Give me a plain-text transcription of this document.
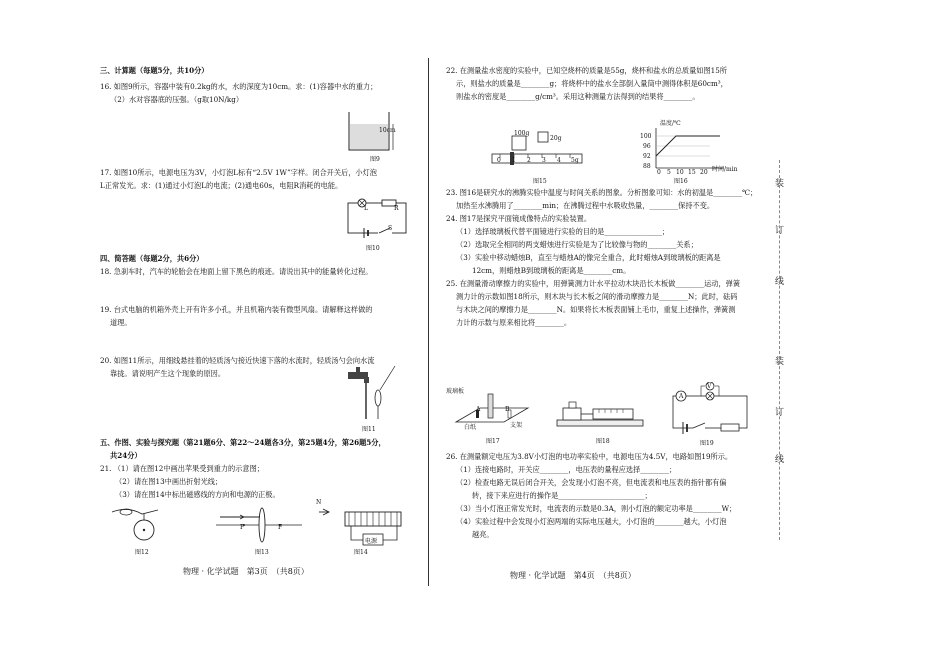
三、计算题（每题5分，共10分）

16. 如图9所示，容器中装有0.2kg的水，水的深度为10cm。求：(1)容器中水的重力；

（2）水对容器底的压强。（g取10N/kg）

10cm
图9

17. 如图10所示，电源电压为3V，小灯泡L标有“2.5V 1W”字样。闭合开关后，小灯泡

L正常发光。求：(1)通过小灯泡L的电流；(2)通电60s，电阻R消耗的电能。

L	R
S
图10

四、简答题（每题2分，共6分）

18. 急刹车时，汽车的轮胎会在地面上留下黑色的痕迹。请说出其中的能量转化过程。

19. 台式电脑的机箱外壳上开有许多小孔，并且机箱内装有微型风扇。请解释这样做的

道理。

20. 如图11所示，用细线悬挂着的轻质汤勺接近快速下落的水流时，轻质汤勺会向水流

靠拢。请说明产生这个现象的原因。

图11

五、作图、实验与探究题（第21题6分、第22～24题各3分，第25题4分，第26题5分，

共24分）

21. （1）请在图12中画出苹果受到重力的示意图；

（2）请在图13中画出折射光线；

（3）请在图14中标出磁感线的方向和电源的正极。

图12
F	F
图13
N
电源
图14
物理 · 化学试题　第3页　（共8页）

22. 在测量盐水密度的实验中，已知空烧杯的质量是55g，烧杯和盐水的总质量如图15所

示，则盐水的质量是________g；将烧杯中的盐水全部倒入量筒中测得体积是60cm³，

则盐水的密度是________g/cm³。采用这种测量方法得到的结果将________。

100g
20g
0 1 2 3 4 5g
图15
温度/℃
100
96
92
88
0 5 10 15 20 时间/min
图16

23. 图16是研究水的沸腾实验中温度与时间关系的图象。分析图象可知：水的初温是________℃；

加热至水沸腾用了________min；在沸腾过程中水吸收热量，________保持不变。

24. 图17是探究平面镜成像特点的实验装置。

（1）选择玻璃板代替平面镜进行实验的目的是________________；

（2）选取完全相同的两支蜡烛进行实验是为了比较像与物的________关系；

（3）实验中移动蜡烛B，直至与蜡烛A的像完全重合，此时蜡烛A到玻璃板的距离是

12cm，则蜡烛B到玻璃板的距离是________cm。

25. 在测量滑动摩擦力的实验中，用弹簧测力计水平拉动木块沿长木板做________运动，弹簧

测力计的示数如图18所示，则木块与长木板之间的滑动摩擦力是________N；此时，砝码

与木块之间的摩擦力是________N。如果将长木板表面铺上毛巾，重复上述操作，弹簧测

力计的示数与原来相比将________。

玻璃板
A	B
白纸	支架
图17	图18
V
A
图19

26. 在测量额定电压为3.8V小灯泡的电功率实验中，电源电压为4.5V，电路如图19所示。

（1）连接电路时，开关应________，电压表的量程应选择________；

（2）检查电路无误后闭合开关，会发现小灯泡不亮，但电流表和电压表的指针都有偏

转，接下来应进行的操作是________________________；

（3）当小灯泡正常发光时，电流表的示数是0.3A，则小灯泡的额定功率是________W；

（4）实验过程中会发现小灯泡两端的实际电压越大，小灯泡的________越大，小灯泡

越亮。

物理 · 化学试题　第4页　（共8页）
装
订
线
装
订
线
